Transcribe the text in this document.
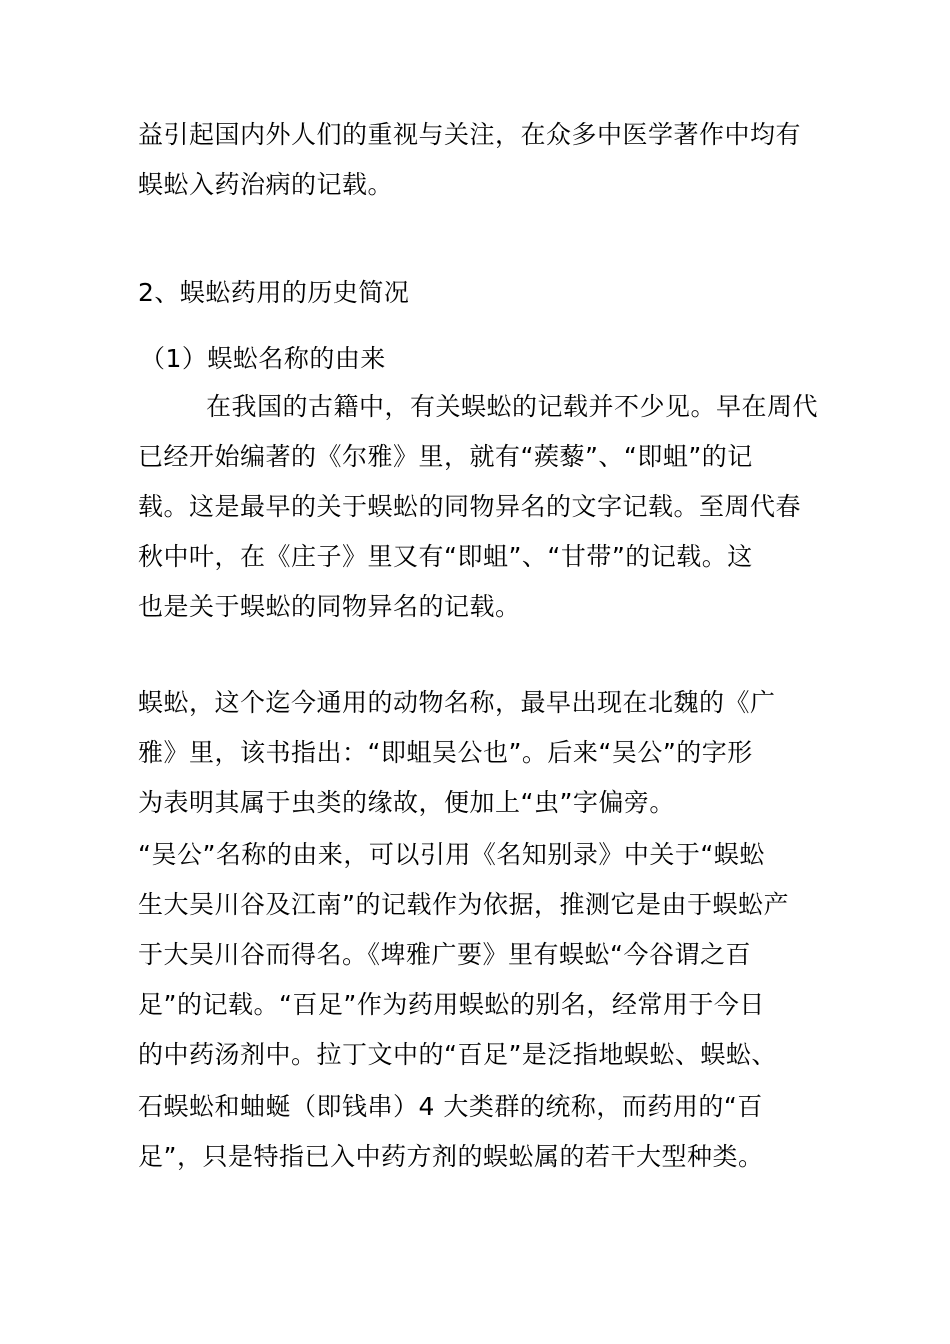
益引起国内外人们的重视与关注，在众多中医学著作中均有
蜈蚣入药治病的记载。
2、蜈蚣药用的历史简况
（1）蜈蚣名称的由来
在我国的古籍中，有关蜈蚣的记载并不少见。早在周代
已经开始编著的《尔雅》里，就有“蒺藜”、“即蛆”的记
载。这是最早的关于蜈蚣的同物异名的文字记载。至周代春
秋中叶，在《庄子》里又有“即蛆”、“甘带”的记载。这
也是关于蜈蚣的同物异名的记载。
蜈蚣，这个迄今通用的动物名称，最早出现在北魏的《广
雅》里，该书指出：“即蛆吴公也”。后来“吴公”的字形
为表明其属于虫类的缘故，便加上“虫”字偏旁。
“吴公”名称的由来，可以引用《名知别录》中关于“蜈蚣
生大吴川谷及江南”的记载作为依据，推测它是由于蜈蚣产
于大吴川谷而得名。《埤雅广要》里有蜈蚣“今谷谓之百
足”的记载。“百足”作为药用蜈蚣的别名，经常用于今日
的中药汤剂中。拉丁文中的“百足”是泛指地蜈蚣、蜈蚣、
石蜈蚣和蚰蜒（即钱串）4 大类群的统称，而药用的“百
足”，只是特指已入中药方剂的蜈蚣属的若干大型种类。
